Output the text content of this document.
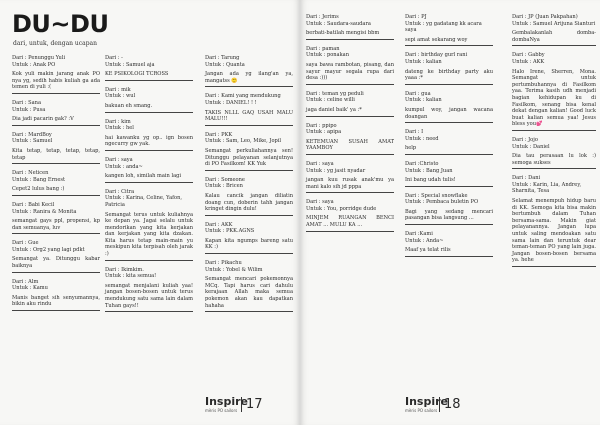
DU~DU
dari, untuk, dengan ucapan
Dari : Penunggu Yuli
Untuk : Anak PO
Kok yuli makin jarang anak PO nya yg, sedih habis kuliah ga ada temen di yuli :(
Dari : Sana
Untuk : Pusa
Dia jadi pacarin gak? :V
Dari : MardBoy
Untuk : Samuel
Kita tetap, tetap, tetap, tetap, tetap
Dari : Neticen
Untuk : Bang Ernest
Cepet2 lulus bang :)
Dari : Babi Kecil
Untuk : Ranira & Monita
semangat gays ppl, propensi, kp dan semuanya, luv
Dari : Gue
Untuk : Org2 yang lagi pdkt
Semangat ya. Ditunggu kabar baiknya
Dari : Alm
Untuk : Kamu
Manis banget sih senyumannya, bikin aku rindu
Dari : -
Untuk : Samuel aja
KE PSIKOLOGI TCROSS
Dari : mik
Untuk : wul
bakuan eh smang.
Dari : kim
Untuk : hel
hai kawanku yg op.. ign bosen ngecurry gw yak.
Dari : saya
Untuk : anda~
kangen loh, similah main lagi
Dari : Citra
Untuk : Karina, Celine, Yafon, Patricia
Semangat terus untuk kuliahnya ke depan ya. Jagai selalu untuk mendorikan yang kita kerjakan dan kerjakan yang kita dzakan. Kita harus tetap main-main yu meskipun kita terpisah oleh jarak :)
Dari : Ikimkim.
Untuk : kita semua!
semangat menjalani kuliah yaa! jangan bosen-bosen untuk terus mendukung satu sama lain dalam Tuhan gays!!
Dari : Tarung
Untuk : Quanta
Jangan ada yg ilang'an ya, mangatss 🙂
Dari : Kami yang mendukung
Untuk : DANIEL! ! !
TAKIS NLLL GAQ USAH MALU MALU!!!
Dari : PKK
Untuk : Sam, Leo, Mike, Jopil
Semangat perkuliahannya sen! Ditunggu pelayanan selanjutnya di PO Fasilkom! KK Yuk
Dari : Someone
Untuk : Bricen
Kalau cancik jangan diliatin doang cun, doberin tahh jangan kringet dingin dulu!
Dari : AKK
Untuk : PKK.AGNS
Kapan kita ngumps bareng satu KK :)
Dari : Pikachu
Untuk : Yobel & Wilim
Semangat mencari pokemonnya MCq. Tapi harus cari dahulu kerajaan Allah maka semua pokemon akan kau dapatkan hahaha
Inspire
mèris PO sailors 17
Dari : Jerims
Untuk : Saudara-saudara
berbati-batilah mengisi bbm
Dari : paman
Untuk : ponakan
saya bawa rambotan, pisang, dan sayur mayur segala rupa dari desa :)))
Dari : teman yg peduli
Untuk : celine willi
jaga daniel baik' ya :*
Dari : ppipo
Untuk : apipa
KETEMUAN SUSAH AMAT YAAMBOY
Dari : saya
Untuk : yg jasit nyadar
jangan kuu rusak anak'mu ya mani kalo sih jd pppa
Dari : saya
Untuk : You, porridge dude
MINJEM RUANGAN BENCI AMAT ... MULU KA ...
Dari : PJ
Untuk : yg gadatang kk acara saya
sepi amat sekarang woy
Dari : birthday gurl rani
Untuk : kalian
dateng ke birthday party aku yaaa :*
Dari : gua
Untuk : kalian
kumpul woy, jangan wacana doangan
Dari : I
Untuk : need
help
Dari :Christo
Untuk : Bang Juan
Ini bang udah tulis!
Dari : Special snowflake
Untuk : Pembaca buletin PO
Bagi yang sedang mencari pasangan bisa langsung ...
Dari :Kami
Untuk : Anda~
Maaf ya telat rilis
Dari : JP (Juan Pakpahan)
Untuk : Samuel Arijuna Sianturi
Gembalakanlah domba-dombaNya
Dari : Gabby
Untuk : AKK
Halo Irene, Sherren, Mona. Semangat untuk pertumbuhannya di Fasilkom yaa. Terima kasih udh menjadi bagian kehidupan ku di Fasilkom, senang bisa kenal dekat dengan kalian! Good luck buat kalian semua yaa! Jesus bless you💕
Dari : Jojo
Untuk : Daniel
Dia tau perasaan lu lok :) semoga sukses
Dari : Dani
Untuk : Karin, Lia, Andrey, Sharnita, Tesa
Selamat menempuh hidup baru di KK. Semoga kita bisa makin bertumbuh dalam Tuhan bersama-sama. Makin giat pelayanannya. Jangan lupa untuk saling mendoakan satu sama lain dan teruntuk dear teman-teman PO yang lain juga. Jangan bosen-bosen bersama ya. hehe
Inspire
mèris PO sailors 18
